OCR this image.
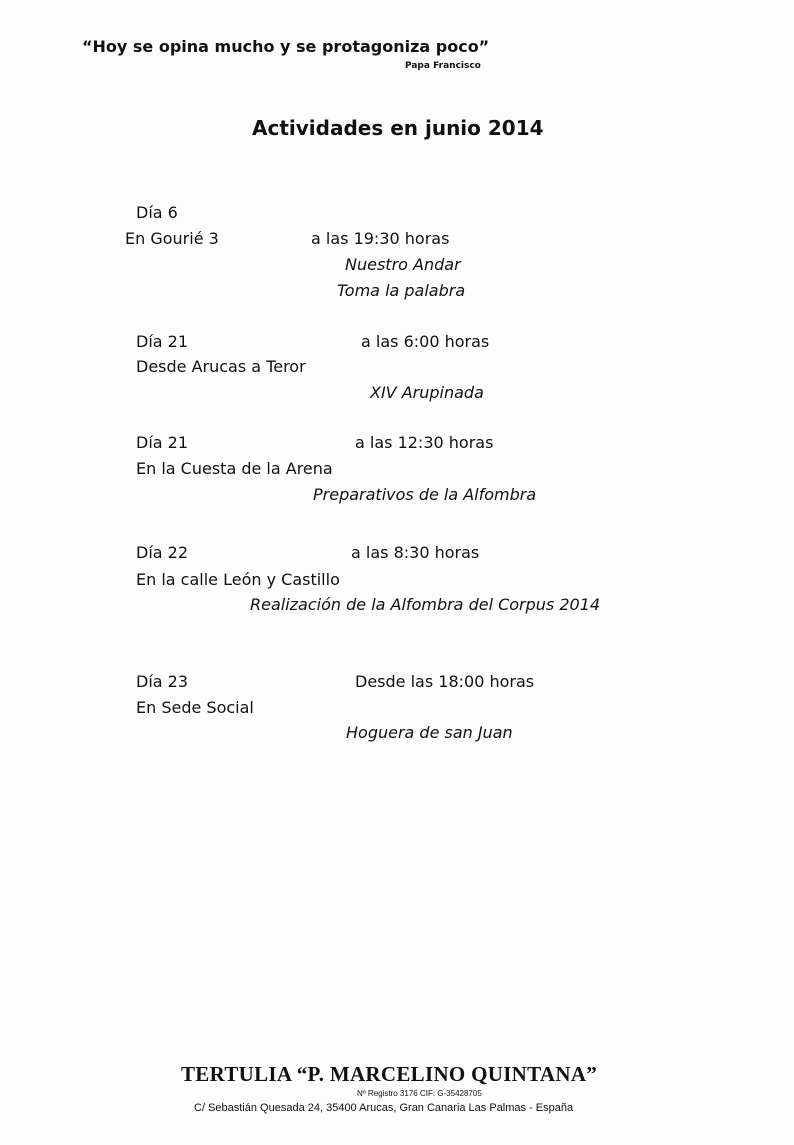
“Hoy se opina mucho y se protagoniza poco”
Papa Francisco
Actividades en junio 2014
Día 6
En Gourié 3	a las 19:30 horas
Nuestro Andar
Toma la palabra
Día 21	a las 6:00 horas
Desde Arucas a Teror
XIV Arupinada
Día 21	a las 12:30 horas
En la Cuesta de la Arena
Preparativos de la Alfombra
Día 22	a las 8:30 horas
En la calle León y Castillo
Realización de la Alfombra del Corpus 2014
Día 23	Desde las 18:00 horas
En Sede Social
Hoguera de san Juan
TERTULIA “P. MARCELINO QUINTANA”
Nº Registro 3176 CIF: G-35428705
C/ Sebastián Quesada 24, 35400 Arucas, Gran Canaria Las Palmas - España
